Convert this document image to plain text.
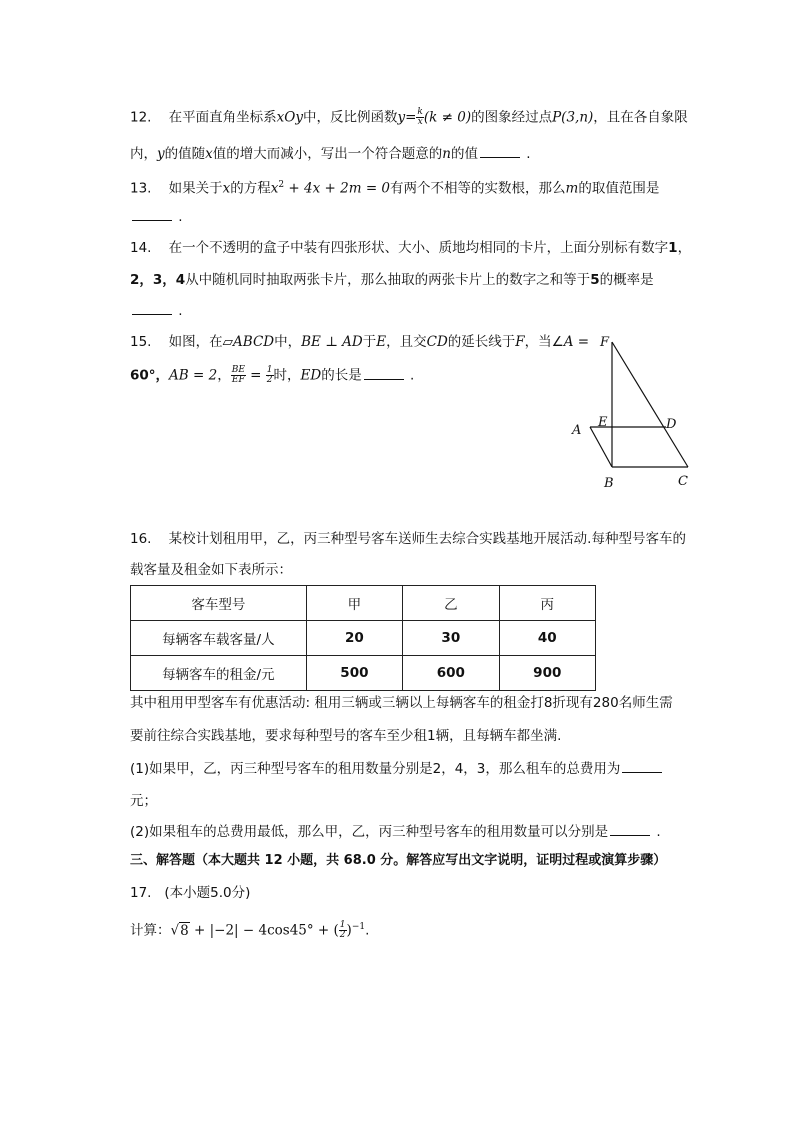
12. 在平面直角坐标系xOy中，反比例函数$y= \frac{k}{x} (k \ne 0)$的图象经过点P(3,n)，且在各自象限
内，y的值随x值的增大而减小，写出一个符合题意的n的值	.
13. 如果关于x的方程$x^2 + 4x + 2m = 0$有两个不相等的实数根，那么m的取值范围是
.
14. 在一个不透明的盒子中装有四张形状、大小、质地均相同的卡片，上面分别标有数字1，
2，3，4从中随机同时抽取两张卡片，那么抽取的两张卡片上的数字之和等于5的概率是
.
15. 如图，在▱ABCD中，BE ⊥ AD于E，且交CD的延长线于F，当∠A =
60°，AB = 2， $\frac{BE}{EF} = \frac{1}{2}$ 时，ED的长是	.
F
E	D
A
B	C
16. 某校计划租用甲，乙，丙三种型号客车送师生去综合实践基地开展活动.每种型号客车的
载客量及租金如下表所示：
客车型号	甲	乙	丙
每辆客车载客量/人	20	30	40
每辆客车的租金/元	500	600	900
其中租用甲型客车有优惠活动: 租用三辆或三辆以上每辆客车的租金打8折现有280名师生需
要前往综合实践基地，要求每种型号的客车至少租1辆，且每辆车都坐满.
(1)如果甲，乙，丙三种型号客车的租用数量分别是2，4，3，那么租车的总费用为
元；
(2)如果租车的总费用最低，那么甲，乙，丙三种型号客车的租用数量可以分别是	.
三、解答题（本大题共 12 小题，共 68.0 分。解答应写出文字说明，证明过程或演算步骤）
17. (本小题5.0分)
计算：√8 + |−2| − 4cos45° + ( $\frac{1}{2} )^{-1}$.
